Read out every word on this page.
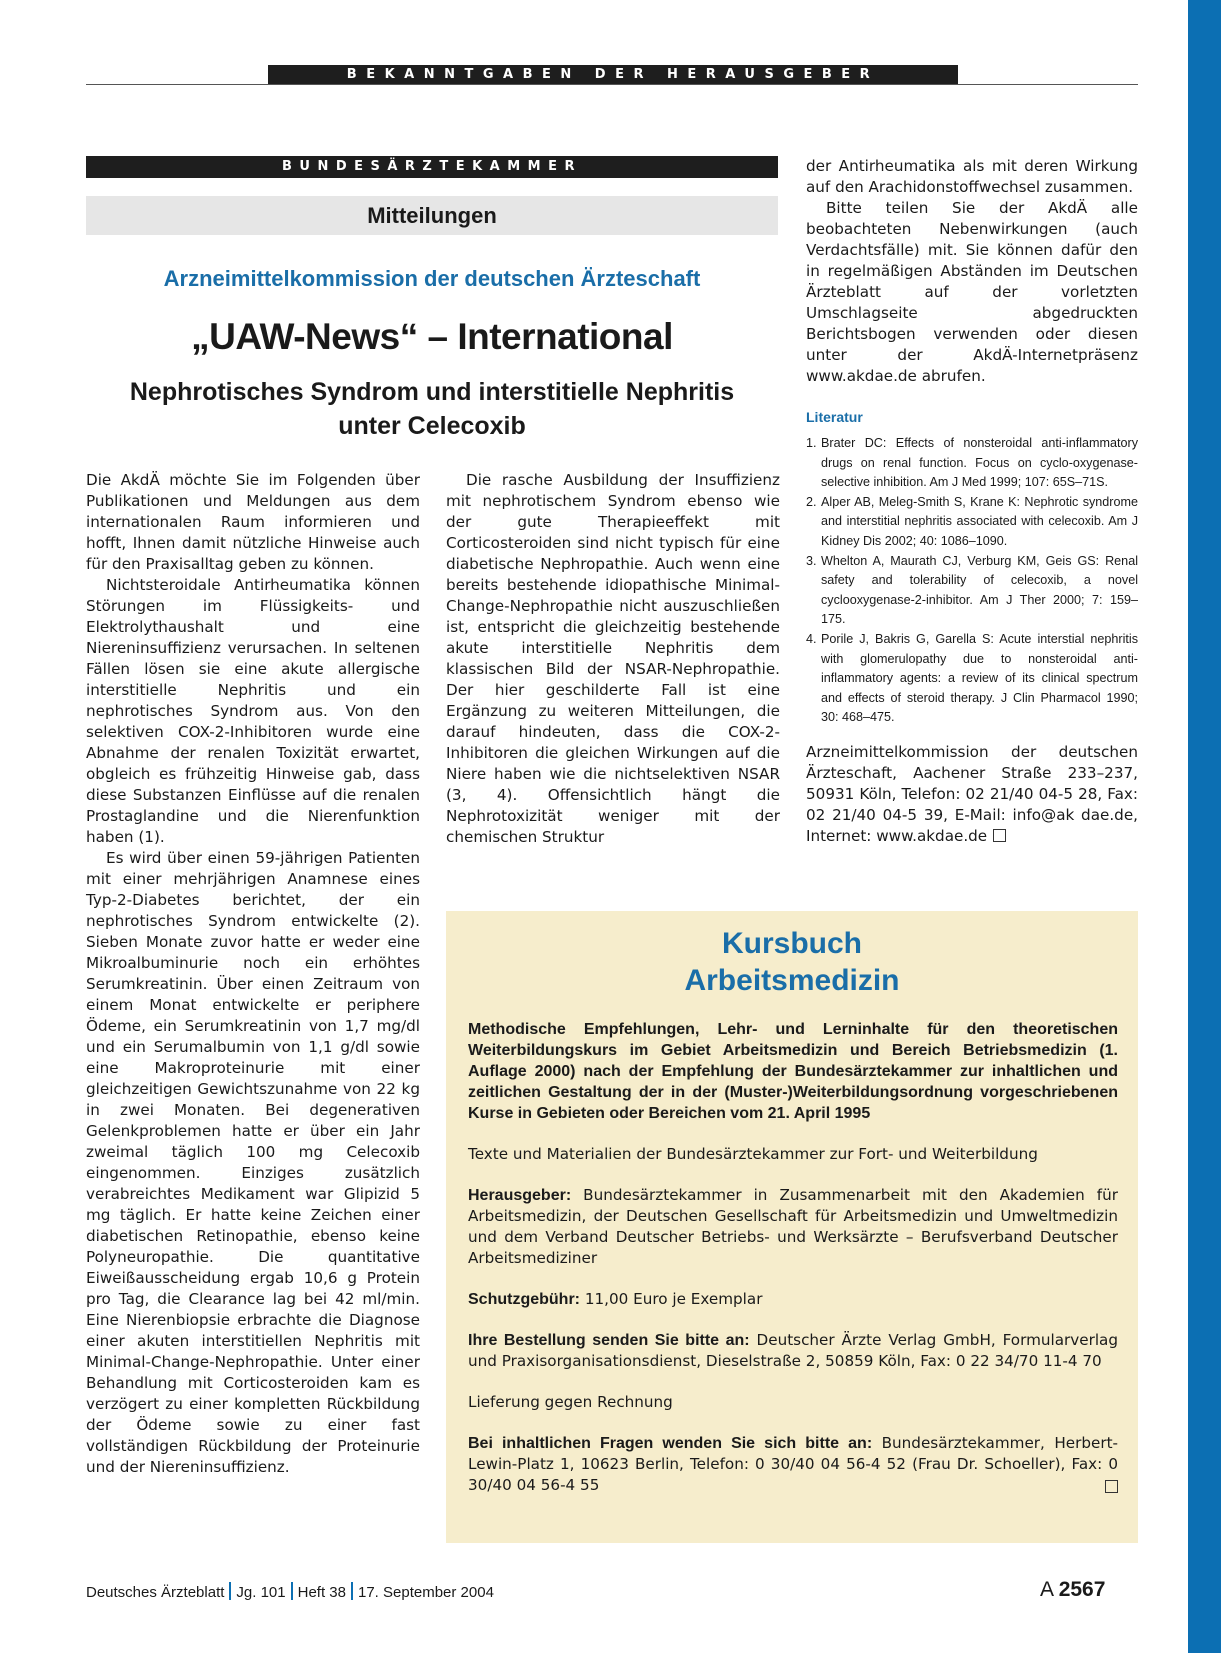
BEKANNTGABEN DER HERAUSGEBER
BUNDESÄRZTEKAMMER
Mitteilungen
Arzneimittelkommission der deutschen Ärzteschaft
„UAW-News“ – International
Nephrotisches Syndrom und interstitielle Nephritis
unter Celecoxib

Die AkdÄ möchte Sie im Folgenden über Publikationen und Meldungen aus dem internationalen Raum informieren und hofft, Ihnen damit nützliche Hinweise auch für den Praxisalltag geben zu können.

Nichtsteroidale Antirheumatika können Störungen im Flüssigkeits- und Elektrolythaushalt und eine Niereninsuffizienz verursachen. In seltenen Fällen lösen sie eine akute allergische interstitielle Nephritis und ein nephrotisches Syndrom aus. Von den selektiven COX-2-Inhibitoren wurde eine Abnahme der renalen Toxizität erwartet, obgleich es frühzeitig Hinweise gab, dass diese Substanzen Einflüsse auf die renalen Prostaglandine und die Nierenfunktion haben (1).

Es wird über einen 59-jährigen Patienten mit einer mehrjährigen Anamnese eines Typ-2-Diabetes berichtet, der ein nephrotisches Syndrom entwickelte (2). Sieben Monate zuvor hatte er weder eine Mikroalbuminurie noch ein erhöhtes Serumkreatinin. Über einen Zeitraum von einem Monat entwickelte er periphere Ödeme, ein Serumkreatinin von 1,7 mg/dl und ein Serumalbumin von 1,1 g/dl sowie eine Makroproteinurie mit einer gleichzeitigen Gewichtszunahme von 22 kg in zwei Monaten. Bei degenerativen Gelenkproblemen hatte er über ein Jahr zweimal täglich 100 mg Celecoxib eingenommen. Einziges zusätzlich verabreichtes Medikament war Glipizid 5 mg täglich. Er hatte keine Zeichen einer diabetischen Retinopathie, ebenso keine Polyneuropathie. Die quantitative Eiweißausscheidung ergab 10,6 g Protein pro Tag, die Clearance lag bei 42 ml/min. Eine Nierenbiopsie erbrachte die Diagnose einer akuten interstitiellen Nephritis mit Minimal-Change-Nephropathie. Unter einer Behandlung mit Corticosteroiden kam es verzögert zu einer kompletten Rückbildung der Ödeme sowie zu einer fast vollständigen Rückbildung der Proteinurie und der Niereninsuffizienz.

Die rasche Ausbildung der Insuffizienz mit nephrotischem Syndrom ebenso wie der gute Therapieeffekt mit Corticosteroiden sind nicht typisch für eine diabetische Nephropathie. Auch wenn eine bereits bestehende idiopathische Minimal-Change-Nephropathie nicht auszuschließen ist, entspricht die gleichzeitig bestehende akute interstitielle Nephritis dem klassischen Bild der NSAR-Nephropathie. Der hier geschilderte Fall ist eine Ergänzung zu weiteren Mitteilungen, die darauf hindeuten, dass die COX-2-Inhibitoren die gleichen Wirkungen auf die Niere haben wie die nichtselektiven NSAR (3, 4). Offensichtlich hängt die Nephrotoxizität weniger mit der chemischen Struktur

der Antirheumatika als mit deren Wirkung auf den Arachidonstoffwechsel zusammen.

Bitte teilen Sie der AkdÄ alle beobachteten Nebenwirkungen (auch Verdachtsfälle) mit. Sie können dafür den in regelmäßigen Abständen im Deutschen Ärzteblatt auf der vorletzten Umschlagseite abgedruckten Berichtsbogen verwenden oder diesen unter der AkdÄ-Internetpräsenz www.akdae.de abrufen.

Literatur
1. Brater DC: Effects of nonsteroidal anti-inflammatory drugs on renal function. Focus on cyclo-oxygenase-selective inhibition. Am J Med 1999; 107: 65S–71S.
2. Alper AB, Meleg-Smith S, Krane K: Nephrotic syndrome and interstitial nephritis associated with celecoxib. Am J Kidney Dis 2002; 40: 1086–1090.
3. Whelton A, Maurath CJ, Verburg KM, Geis GS: Renal safety and tolerability of celecoxib, a novel cyclooxygenase-2-inhibitor. Am J Ther 2000; 7: 159–175.
4. Porile J, Bakris G, Garella S: Acute interstial nephritis with glomerulopathy due to nonsteroidal anti-inflammatory agents: a review of its clinical spectrum and effects of steroid therapy. J Clin Pharmacol 1990; 30: 468–475.
Arzneimittelkommission der deutschen Ärzteschaft, Aachener Straße 233–237, 50931 Köln, Telefon: 02 21/40 04-5 28, Fax: 02 21/40 04-5 39, E-Mail: info@ak dae.de, Internet: www.akdae.de
Kursbuch
Arbeitsmedizin

Methodische Empfehlungen, Lehr- und Lerninhalte für den theoretischen Weiterbildungskurs im Gebiet Arbeitsmedizin und Bereich Betriebsmedizin (1. Auflage 2000) nach der Empfehlung der Bundesärztekammer zur inhaltlichen und zeitlichen Gestaltung der in der (Muster-)Weiterbildungsordnung vorgeschriebenen Kurse in Gebieten oder Bereichen vom 21. April 1995

Texte und Materialien der Bundesärztekammer zur Fort- und Weiterbildung

Herausgeber: Bundesärztekammer in Zusammenarbeit mit den Akademien für Arbeitsmedizin, der Deutschen Gesellschaft für Arbeitsmedizin und Umweltmedizin und dem Verband Deutscher Betriebs- und Werksärzte – Berufsverband Deutscher Arbeitsmediziner

Schutzgebühr: 11,00 Euro je Exemplar

Ihre Bestellung senden Sie bitte an: Deutscher Ärzte Verlag GmbH, Formularverlag und Praxisorganisationsdienst, Dieselstraße 2, 50859 Köln, Fax: 0 22 34/70 11-4 70

Lieferung gegen Rechnung

Bei inhaltlichen Fragen wenden Sie sich bitte an: Bundesärztekammer, Herbert-Lewin-Platz 1, 10623 Berlin, Telefon: 0 30/40 04 56-4 52 (Frau Dr. Schoeller), Fax: 0 30/40 04 56-4 55

Deutsches Ärzteblatt Jg. 101 Heft 38 17. September 2004	A 2567
